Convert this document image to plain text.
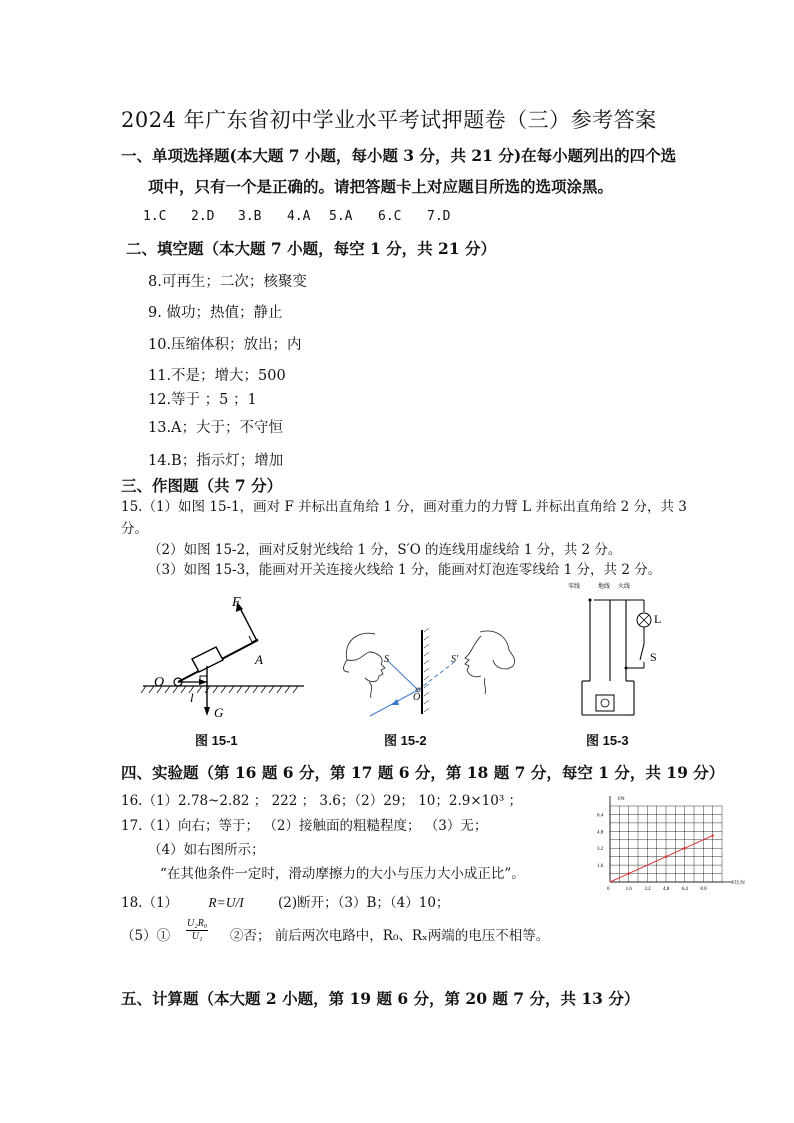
2024 年广东省初中学业水平考试押题卷（三）参考答案
一、单项选择题(本大题 7 小题，每小题 3 分，共 21 分)在每小题列出的四个选
项中，只有一个是正确的。请把答题卡上对应题目所选的选项涂黑。
1.C 2.D 3.B 4.A 5.A 6.C 7.D
二、填空题（本大题 7 小题，每空 1 分，共 21 分）
8.可再生；二次；核聚变
9. 做功；热值；静止
10.压缩体积；放出；内
11.不是；增大；500
12.等于 ；5 ；1
13.A；大于；不守恒
14.B；指示灯；增加
三、作图题（共 7 分）
15.（1）如图 15-1，画对 F 并标出直角给 1 分，画对重力的力臂 L 并标出直角给 2 分，共 3
分。
（2）如图 15-2，画对反射光线给 1 分，S′O 的连线用虚线给 1 分，共 2 分。
（3）如图 15-3，能画对开关连接火线给 1 分，能画对灯泡连零线给 1 分，共 2 分。
F
A
O
l
G
图 15-1
S	S′
O
图 15-2
零线	地线 火线
L
S
图 15-3
四、实验题（第 16 题 6 分，第 17 题 6 分，第 18 题 7 分，每空 1 分，共 19 分）
16.（1）2.78~2.82 ； 222 ； 3.6；（2）29； 10；2.9×10³ ；
17.（1）向右；等于； （2）接触面的粗糙程度； （3）无；
（4）如右图所示；
“在其他条件一定时，滑动摩擦力的大小与压力大小成正比”。
18.（1） R=U/I	(2)断开；（3）B；（4）10；
（5）① $\frac{\text{U₂R₀}}{\text{U₁}}$ ②否； 前后两次电路中，R₀、Rₓ两端的电压不相等。
f/N
F压/N
0	1.6 3.2 4.8 6.4 8.0
1.6
3.2
4.8
6.4
五、计算题（本大题 2 小题，第 19 题 6 分，第 20 题 7 分，共 13 分）
